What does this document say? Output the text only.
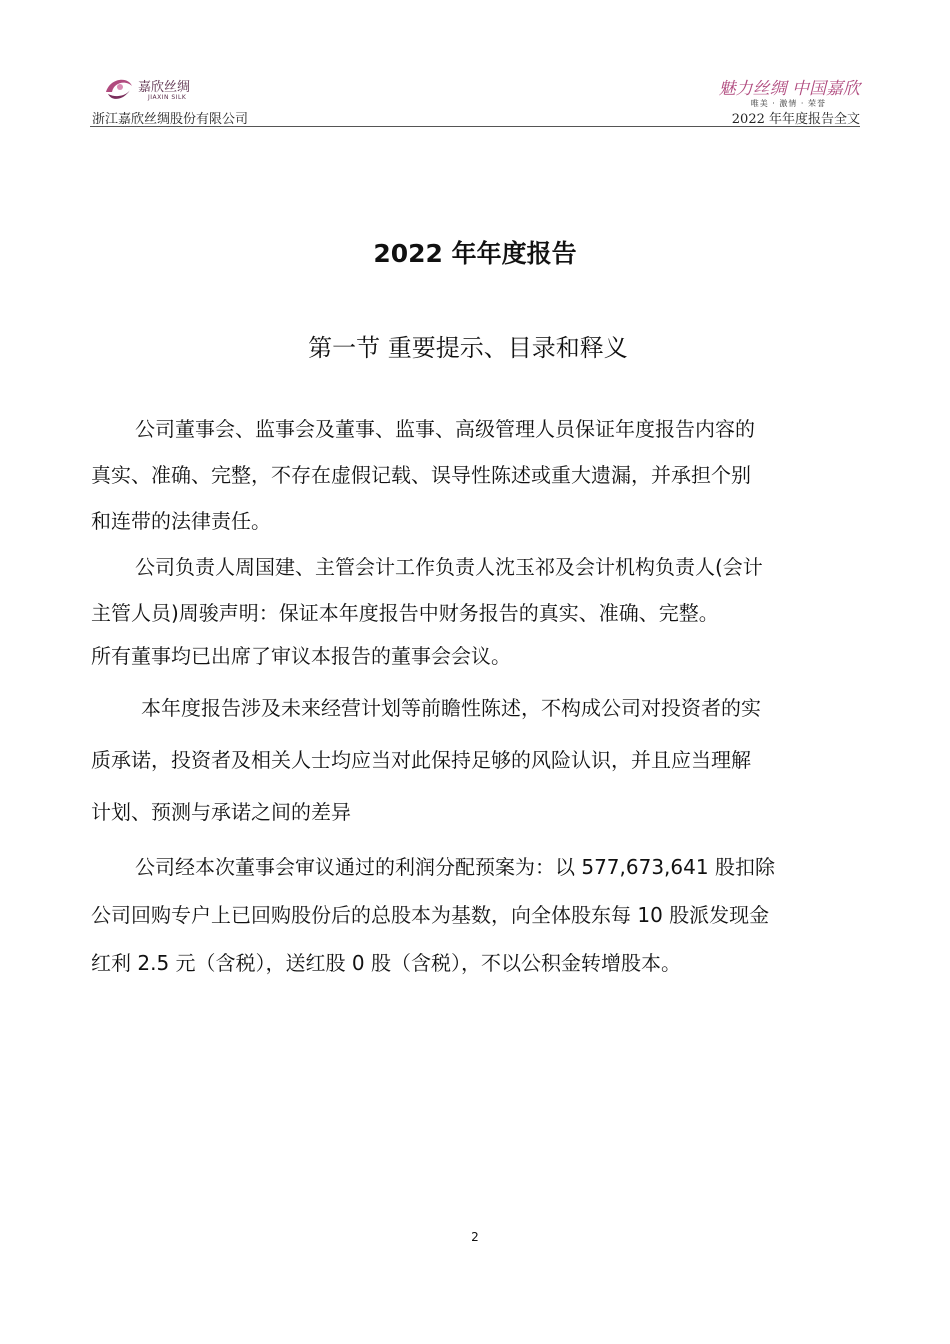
嘉欣丝绸
JIAXIN SILK	魅力丝绸 中国嘉欣
唯美 · 激情 · 荣誉
浙江嘉欣丝绸股份有限公司	2022 年年度报告全文
2022 年年度报告
第一节 重要提示、目录和释义
公司董事会、监事会及董事、监事、高级管理人员保证年度报告内容的
真实、准确、完整，不存在虚假记载、误导性陈述或重大遗漏，并承担个别
和连带的法律责任。
公司负责人周国建、主管会计工作负责人沈玉祁及会计机构负责人(会计
主管人员)周骏声明：保证本年度报告中财务报告的真实、准确、完整。
所有董事均已出席了审议本报告的董事会会议。
本年度报告涉及未来经营计划等前瞻性陈述，不构成公司对投资者的实
质承诺，投资者及相关人士均应当对此保持足够的风险认识，并且应当理解
计划、预测与承诺之间的差异
公司经本次董事会审议通过的利润分配预案为：以 577,673,641 股扣除
公司回购专户上已回购股份后的总股本为基数，向全体股东每 10 股派发现金
红利 2.5 元（含税），送红股 0 股（含税），不以公积金转增股本。
2
